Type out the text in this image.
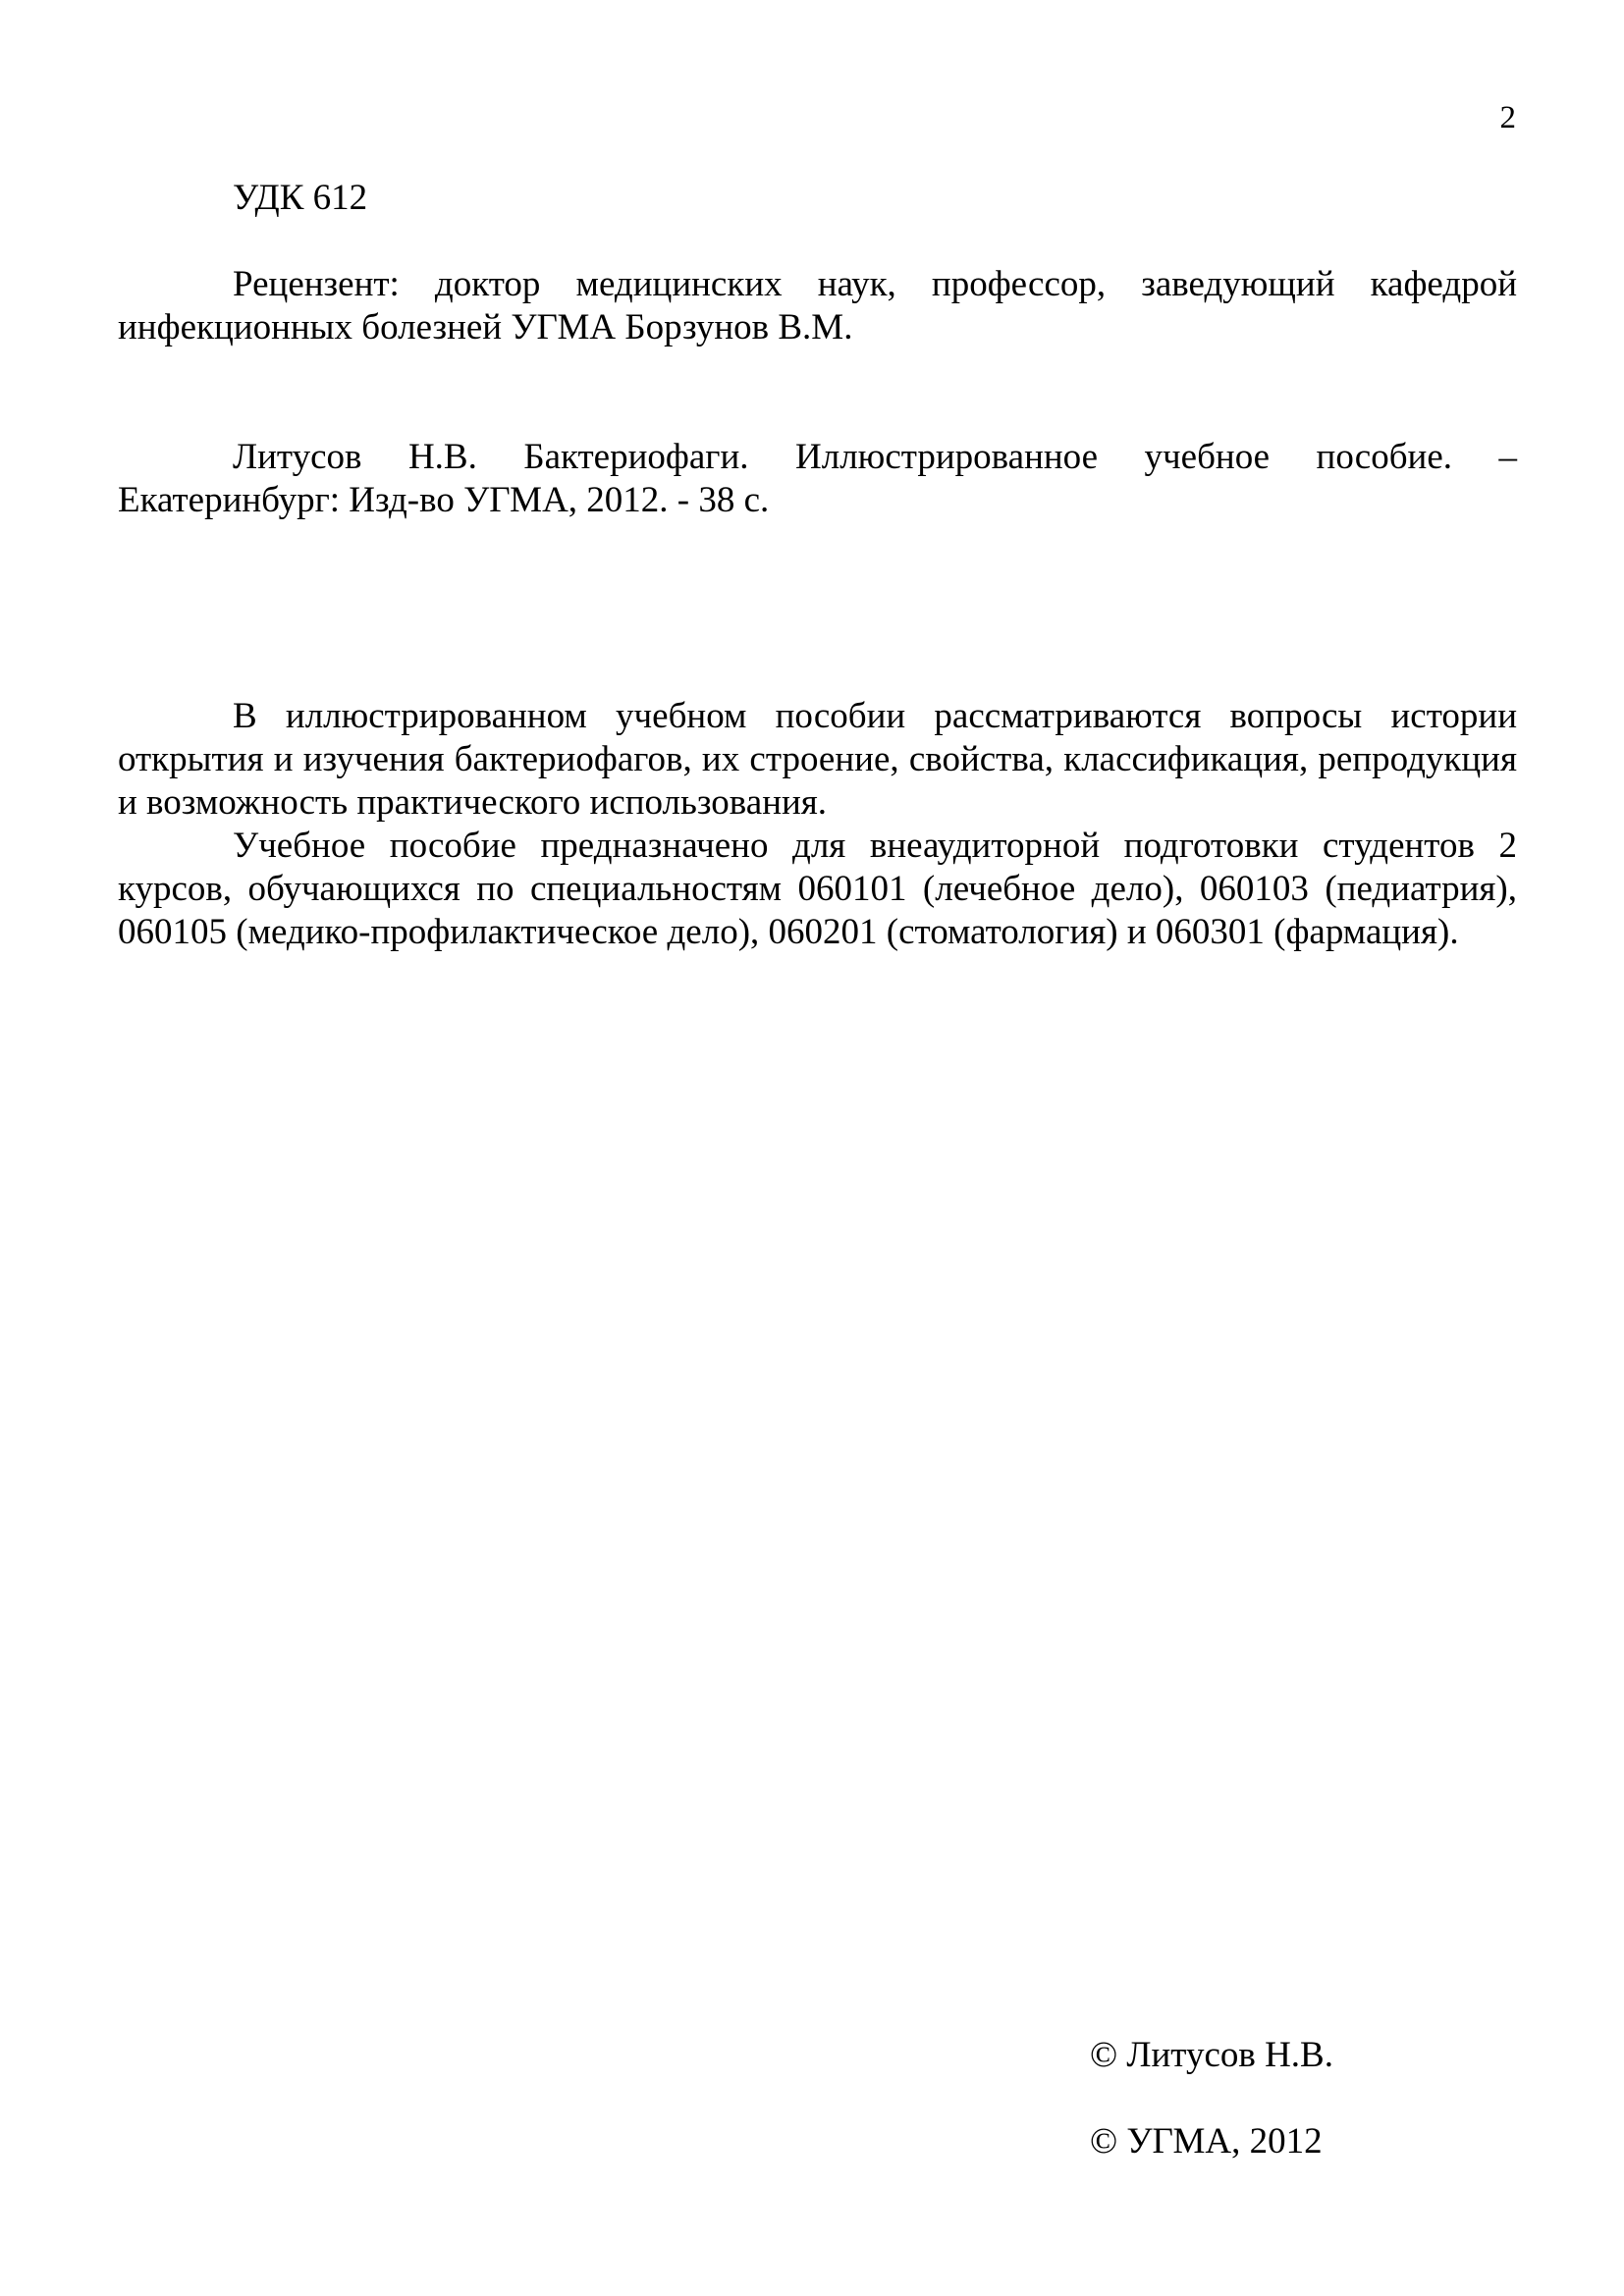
2

УДК 612

Рецензент: доктор медицинских наук, профессор, заведующий кафедрой инфекционных болезней УГМА Борзунов В.М.

Литусов Н.В. Бактериофаги. Иллюстрированное учебное пособие. – Екатеринбург: Изд-во УГМА, 2012. - 38 с.

В иллюстрированном учебном пособии рассматриваются вопросы истории открытия и изучения бактериофагов, их строение, свойства, классификация, репродукция и возможность практического использования.

Учебное пособие предназначено для внеаудиторной подготовки студентов 2 курсов, обучающихся по специальностям 060101 (лечебное дело), 060103 (педиатрия), 060105 (медико-профилактическое дело), 060201 (стоматология) и 060301 (фармация).

© Литусов Н.В.

© УГМА, 2012
